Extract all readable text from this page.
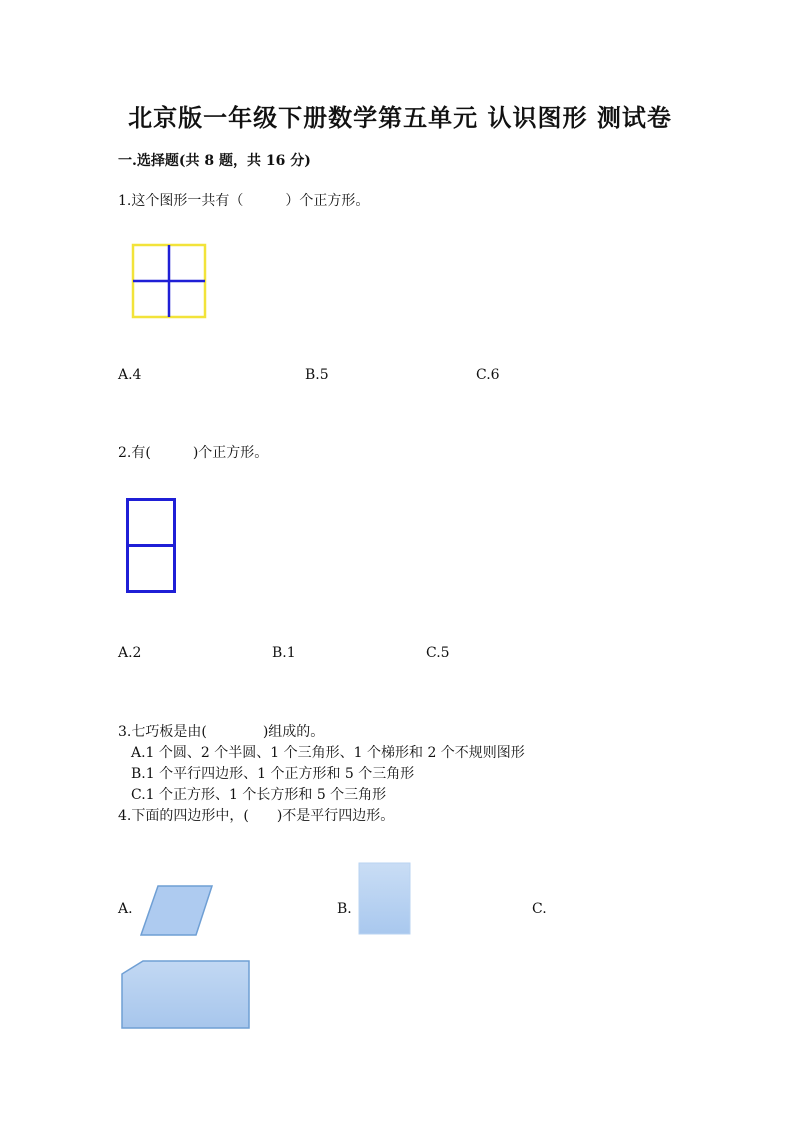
北京版一年级下册数学第五单元 认识图形 测试卷
一.选择题(共 8 题，共 16 分)
1.这个图形一共有（　　　）个正方形。
A.4	B.5	C.6
2.有(　　　)个正方形。
A.2	B.1	C.5
3.七巧板是由(　　　　)组成的。
A.1 个圆、2 个半圆、1 个三角形、1 个梯形和 2 个不规则图形
B.1 个平行四边形、1 个正方形和 5 个三角形
C.1 个正方形、1 个长方形和 5 个三角形
4.下面的四边形中，(　　)不是平行四边形。
A.	B.	C.
